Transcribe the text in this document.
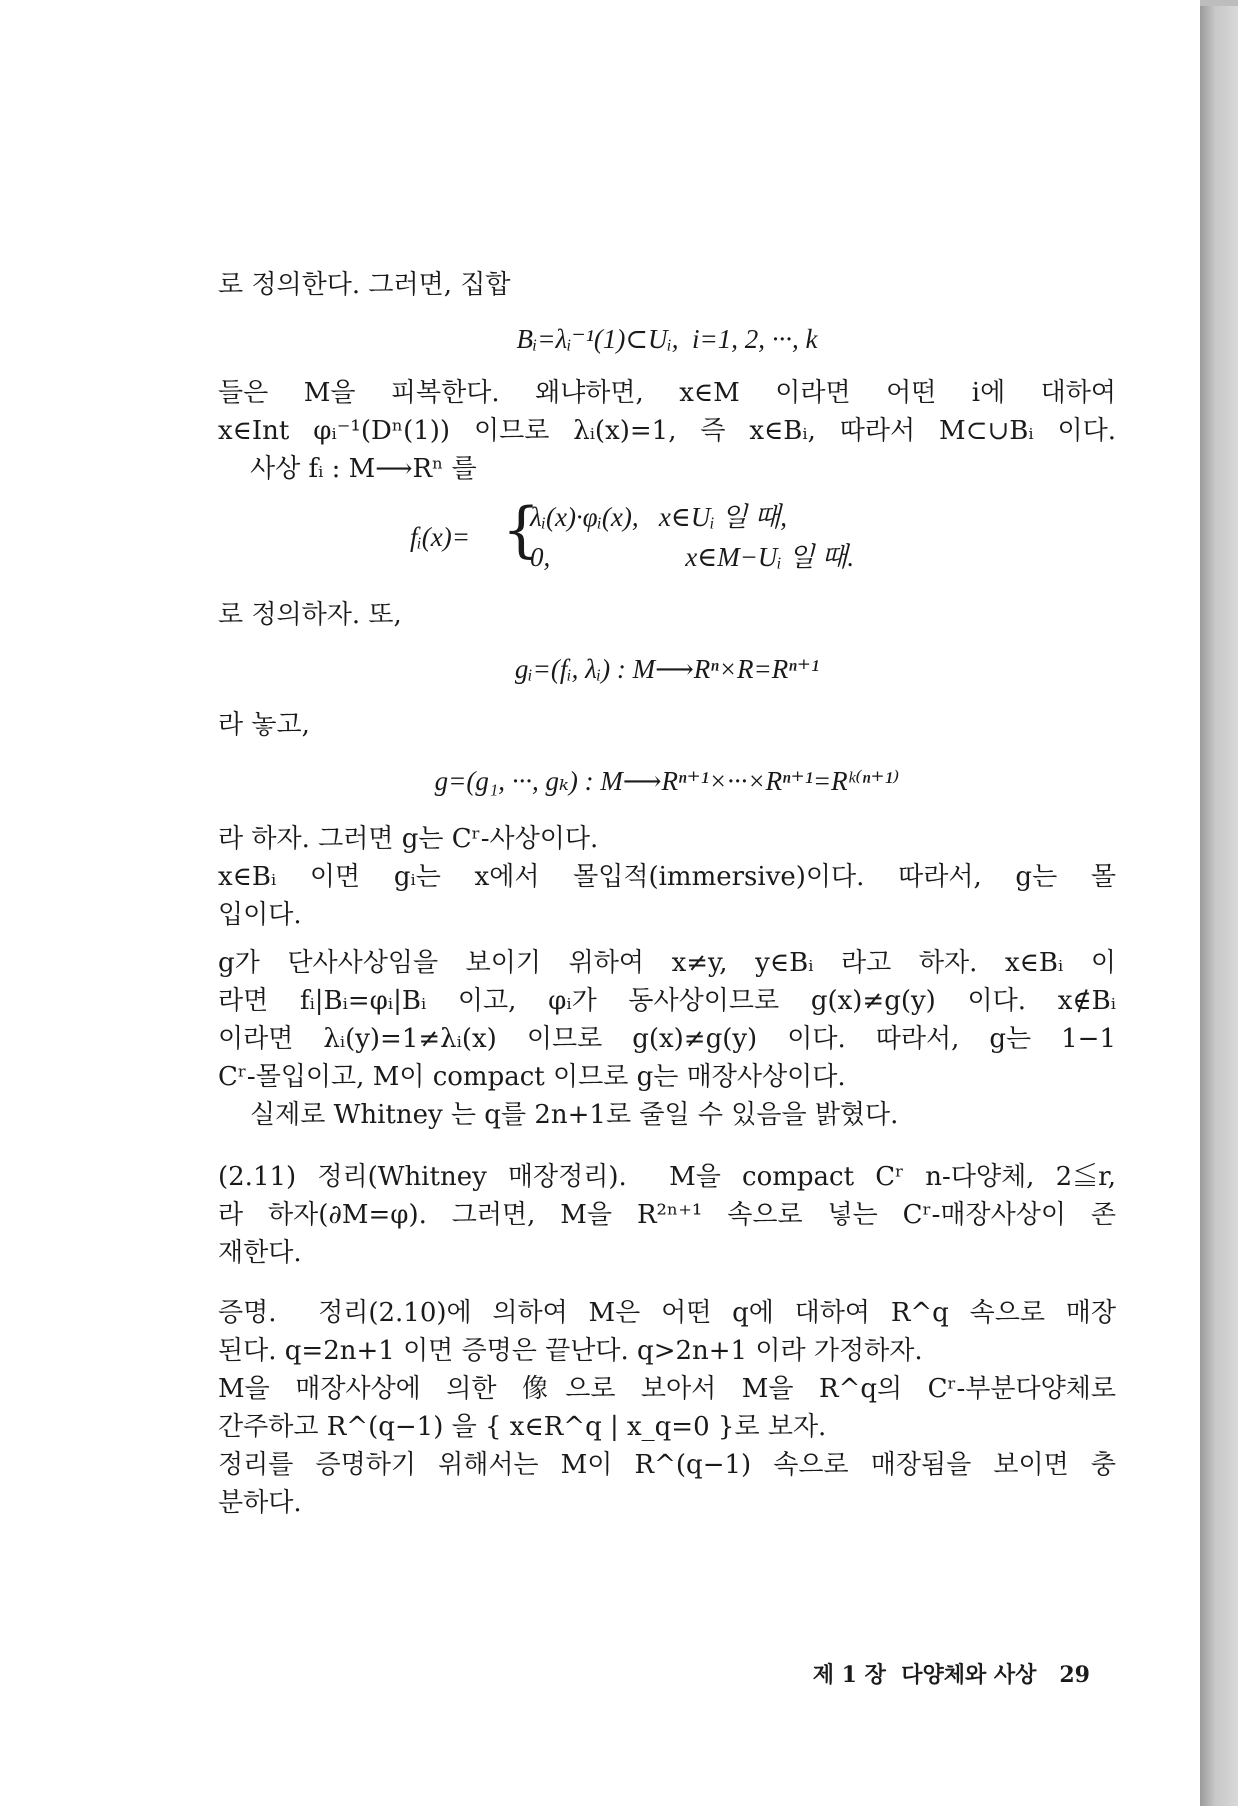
로 정의한다. 그러면, 집합

Bᵢ=λᵢ⁻¹(1)⊂Uᵢ,  i=1, 2, ···, k

들은 M을 피복한다. 왜냐하면, x∈M 이라면 어떤 i에 대하여

x∈Int φᵢ⁻¹(Dⁿ(1)) 이므로 λᵢ(x)=1, 즉 x∈Bᵢ, 따라서 M⊂∪Bᵢ 이다.

사상 fᵢ : M⟶Rⁿ 를

fᵢ(x)= {

λᵢ(x)·φᵢ(x),   x∈Uᵢ 일 때,

0,                    x∈M−Uᵢ 일 때.

로 정의하자. 또,

gᵢ=(fᵢ, λᵢ) : M⟶Rⁿ×R=Rⁿ⁺¹

라 놓고,

g=(g₁, ···, gₖ) : M⟶Rⁿ⁺¹×···×Rⁿ⁺¹=Rᵏ⁽ⁿ⁺¹⁾

라 하자. 그러면 g는 Cʳ-사상이다.

x∈Bᵢ 이면 gᵢ는 x에서 몰입적(immersive)이다. 따라서, g는 몰

입이다.

g가 단사사상임을 보이기 위하여 x≠y, y∈Bᵢ 라고 하자. x∈Bᵢ 이

라면 fᵢ|Bᵢ=φᵢ|Bᵢ 이고, φᵢ가 동사상이므로 g(x)≠g(y) 이다. x∉Bᵢ

이라면 λᵢ(y)=1≠λᵢ(x) 이므로 g(x)≠g(y) 이다. 따라서, g는 1−1

Cʳ-몰입이고, M이 compact 이므로 g는 매장사상이다.

실제로 Whitney 는 q를 2n+1로 줄일 수 있음을 밝혔다.

(2.11) 정리(Whitney 매장정리).  M을 compact Cʳ n-다양체, 2≦r,

라 하자(∂M=φ). 그러면, M을 R²ⁿ⁺¹ 속으로 넣는 Cʳ-매장사상이 존

재한다.

증명.  정리(2.10)에 의하여 M은 어떤 q에 대하여 R^q 속으로 매장

된다. q=2n+1 이면 증명은 끝난다. q>2n+1 이라 가정하자.

M을 매장사상에 의한 像으로 보아서 M을 R^q의 Cʳ-부분다양체로

간주하고 R^(q−1) 을 { x∈R^q | x_q=0 }로 보자.

정리를 증명하기 위해서는 M이 R^(q−1) 속으로 매장됨을 보이면 충

분하다.

제 1 장  다양체와 사상 29
